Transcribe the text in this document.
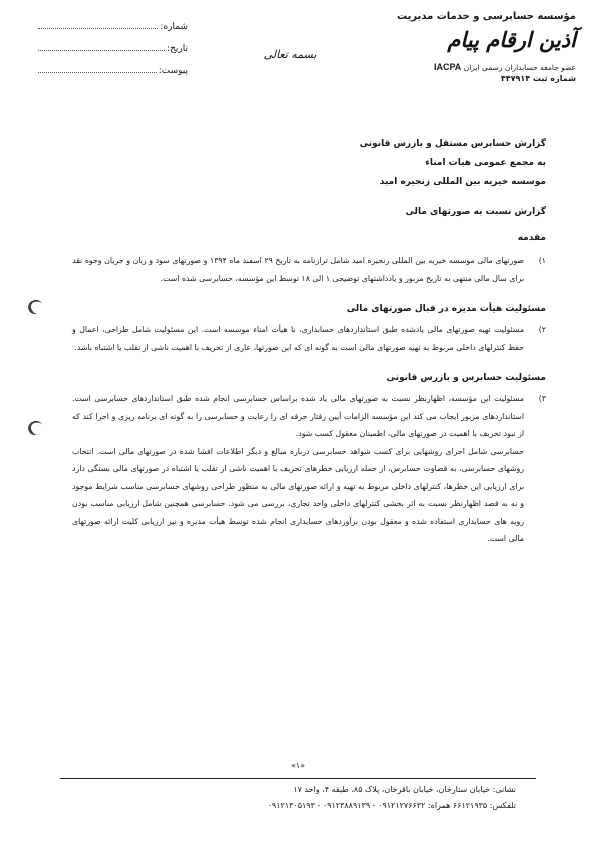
مؤسسه حسابرسی و خدمات مدیریت
آذین ارقام پیام
عضو جامعه حسابداران رسمی ایران IACPA
شماره ثبت ۴۴۷۹۱۴
شماره:
تاریخ:
پیوست:
بسمه تعالی
گزارش حسابرس مستقل و بازرس قانونی
به مجمع عمومی هیات امناء
موسسه خیریه بین المللی زنجیره امید
گزارش نسبت به صورتهای مالی
مقدمه
۱)
صورتهای مالی موسسه خیریه بین المللی زنجیره امید شامل ترازنامه به تاریخ ۲۹ اسفند ماه ۱۳۹۴ و صورتهای سود و زیان و جریان وجوه نقد برای سال مالی منتهی به تاریخ مزبور و یادداشتهای توضیحی ۱ الی ۱۸ توسط این مؤسسه، حسابرسی شده است.
مسئولیت هیأت مدیره در قبال صورتهای مالی
۲)
مسئولیت تهیه صورتهای مالی یادشده طبق استانداردهای حسابداری، با هیأت امناء موسسه است. این مسئولیت شامل طراحی، اعمال و حفظ کنترلهای داخلی مربوط به تهیه صورتهای مالی است به گونه ای که این صورتها، عاری از تحریف با اهمیت ناشی از تقلب یا اشتباه باشد.
مسئولیت حسابرس و بازرس قانونی
۳)
مسئولیت این مؤسسه، اظهارنظر نسبت به صورتهای مالی یاد شده براساس حسابرسی انجام شده طبق استانداردهای حسابرسی است. استانداردهای مزبور ایجاب می کند این مؤسسه الزامات آیین رفتار حرفه ای را رعایت و حسابرسی را به گونه ای برنامه ریزی و اجرا کند که از نبود تحریف با اهمیت در صورتهای مالی، اطمینان معقول کسب شود.
حسابرسی شامل اجرای روشهایی برای کسب شواهد حسابرسی درباره مبالغ و دیگر اطلاعات افشا شده در صورتهای مالی است. انتخاب روشهای حسابرسی، به قضاوت حسابرس، از جمله ارزیابی خطرهای تحریف با اهمیت ناشی از تقلب یا اشتباه در صورتهای مالی بستگی دارد برای ارزیابی این خطرها، کنترلهای داخلی مربوط به تهیه و ارائه صورتهای مالی به منظور طراحی روشهای حسابرسی مناسب شرایط موجود و نه به قصد اظهارنظر نسبت به اثر بخشی کنترلهای داخلی واحد تجاری، بررسی می شود. حسابرسی همچنین شامل ارزیابی مناسب بودن رویه های حسابداری استفاده شده و معقول بودن برآوردهای حسابداری انجام شده توسط هیأت مدیره و نیز ارزیابی کلیت ارائه صورتهای مالی است.
«۱»
نشانی: خیابان ستارخان، خیابان باقرخان، پلاک ۸۵، طبقه ۴، واحد ۱۷
تلفکس: ۶۶۱۲۱۹۳۵ همراه: ۰۹۱۲۱۲۷۶۶۳۲ - ۰۹۱۲۳۸۸۹۱۳۹ - ۰۹۱۲۱۳۰۵۱۹۳
